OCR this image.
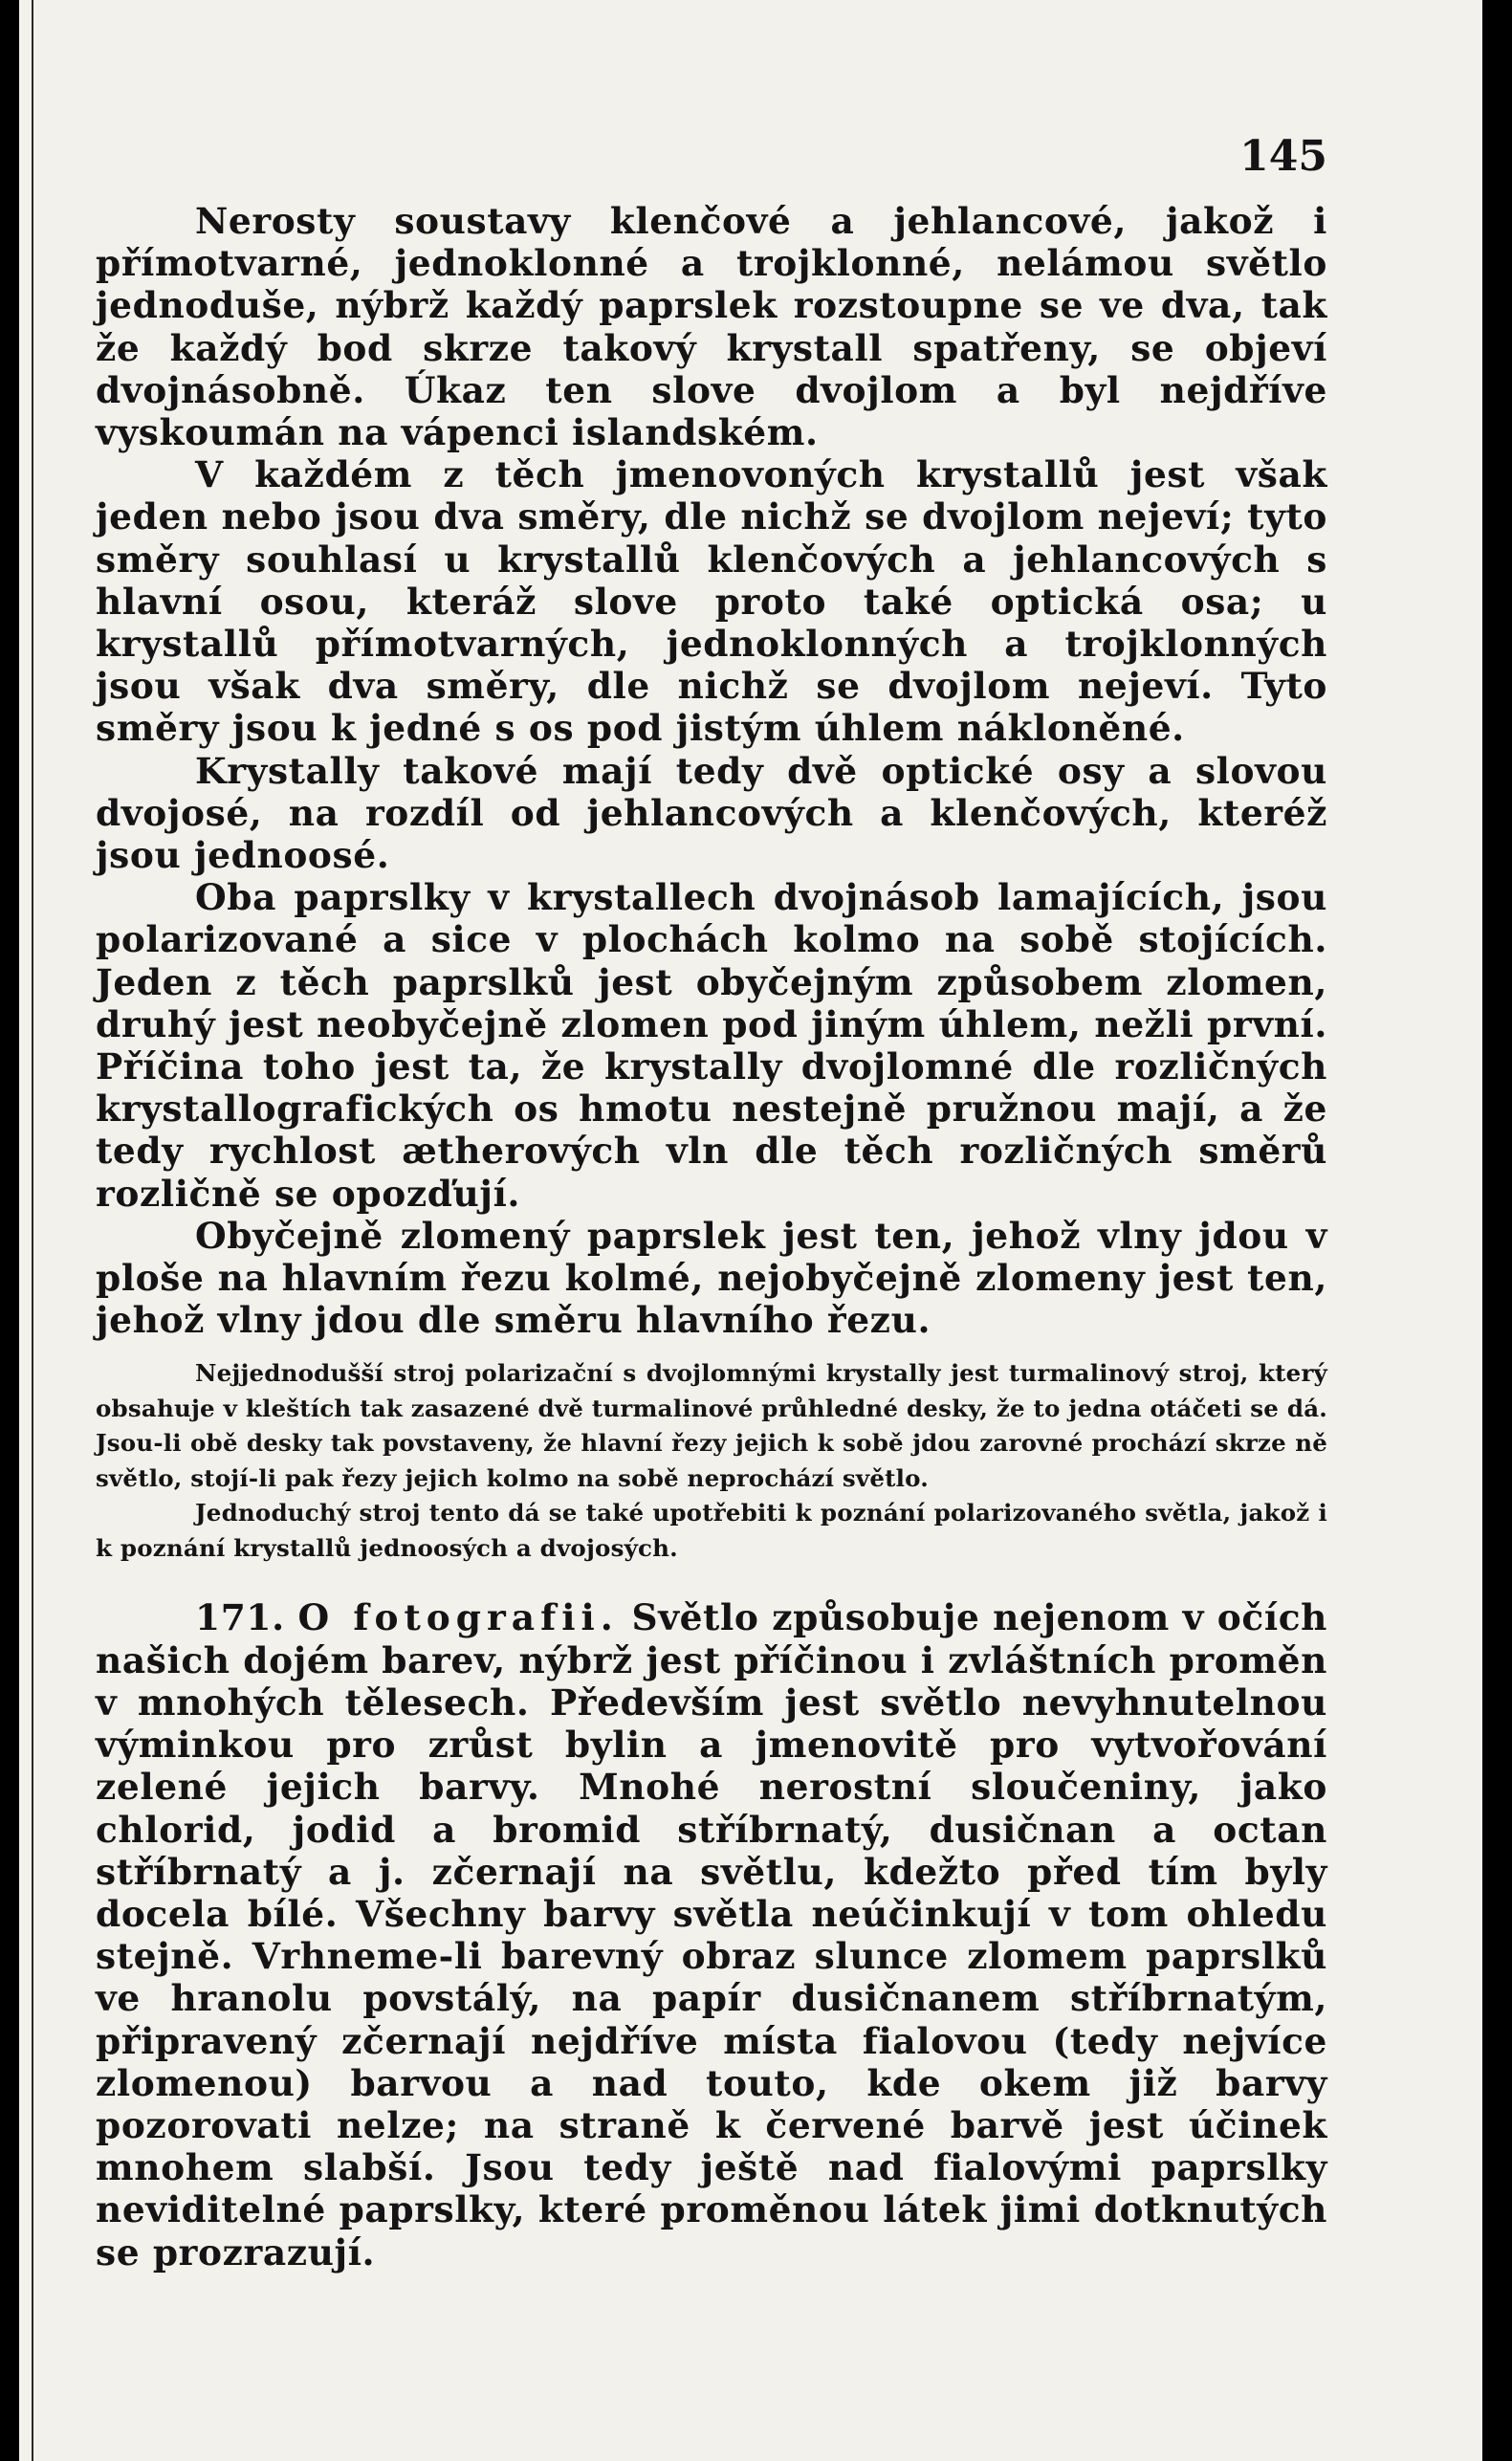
145

Nerosty soustavy klenčové a jehlancové, jakož i přímotvarné, jednoklonné a trojklonné, nelámou světlo jednoduše, nýbrž každý paprslek rozstoupne se ve dva, tak že každý bod skrze takový krystall spatřeny, se objeví dvojnásobně. Úkaz ten slove dvojlom a byl nejdříve vyskoumán na vápenci islandském.

V každém z těch jmenovoných krystallů jest však jeden nebo jsou dva směry, dle nichž se dvojlom nejeví; tyto směry souhlasí u krystallů klenčových a jehlancových s hlavní osou, kteráž slove proto také optická osa; u krystallů přímotvarných, jednoklonných a trojklonných jsou však dva směry, dle nichž se dvojlom nejeví. Tyto směry jsou k jedné s os pod jistým úhlem nákloněné.

Krystally takové mají tedy dvě optické osy a slovou dvojosé, na rozdíl od jehlancových a klenčových, kteréž jsou jednoosé.

Oba paprslky v krystallech dvojnásob lamajících, jsou polarizované a sice v plochách kolmo na sobě stojících. Jeden z těch paprslků jest obyčejným způsobem zlomen, druhý jest neobyčejně zlomen pod jiným úhlem, nežli první. Příčina toho jest ta, že krystally dvojlomné dle rozličných krystallografických os hmotu nestejně pružnou mají, a že tedy rychlost ætherových vln dle těch rozličných směrů rozličně se opozďují.

Obyčejně zlomený paprslek jest ten, jehož vlny jdou v ploše na hlavním řezu kolmé, nejobyčejně zlomeny jest ten, jehož vlny jdou dle směru hlavního řezu.

Nejjednodušší stroj polarizační s dvojlomnými krystally jest turmalinový stroj, který obsahuje v kleštích tak zasazené dvě turmalinové průhledné desky, že to jedna otáčeti se dá. Jsou-li obě desky tak povstaveny, že hlavní řezy jejich k sobě jdou zarovné prochází skrze ně světlo, stojí-li pak řezy jejich kolmo na sobě neprochází světlo.

Jednoduchý stroj tento dá se také upotřebiti k poznání polarizovaného světla, jakož i k poznání krystallů jednoosých a dvojosých.

171. O fotografii. Světlo způsobuje nejenom v očích našich dojém barev, nýbrž jest příčinou i zvláštních proměn v mnohých tělesech. Především jest světlo nevyhnutelnou výminkou pro zrůst bylin a jmenovitě pro vytvořování zelené jejich barvy. Mnohé nerostní sloučeniny, jako chlorid, jodid a bromid stříbrnatý, dusičnan a octan stříbrnatý a j. zčernají na světlu, kdežto před tím byly docela bílé. Všechny barvy světla neúčinkují v tom ohledu stejně. Vrhneme-li barevný obraz slunce zlomem paprslků ve hranolu povstálý, na papír dusičnanem stříbrnatým, připravený zčernají nejdříve místa fialovou (tedy nejvíce zlomenou) barvou a nad touto, kde okem již barvy pozorovati nelze; na straně k červené barvě jest účinek mnohem slabší. Jsou tedy ještě nad fialovými paprslky neviditelné paprslky, které proměnou látek jimi dotknutých se prozrazují.
